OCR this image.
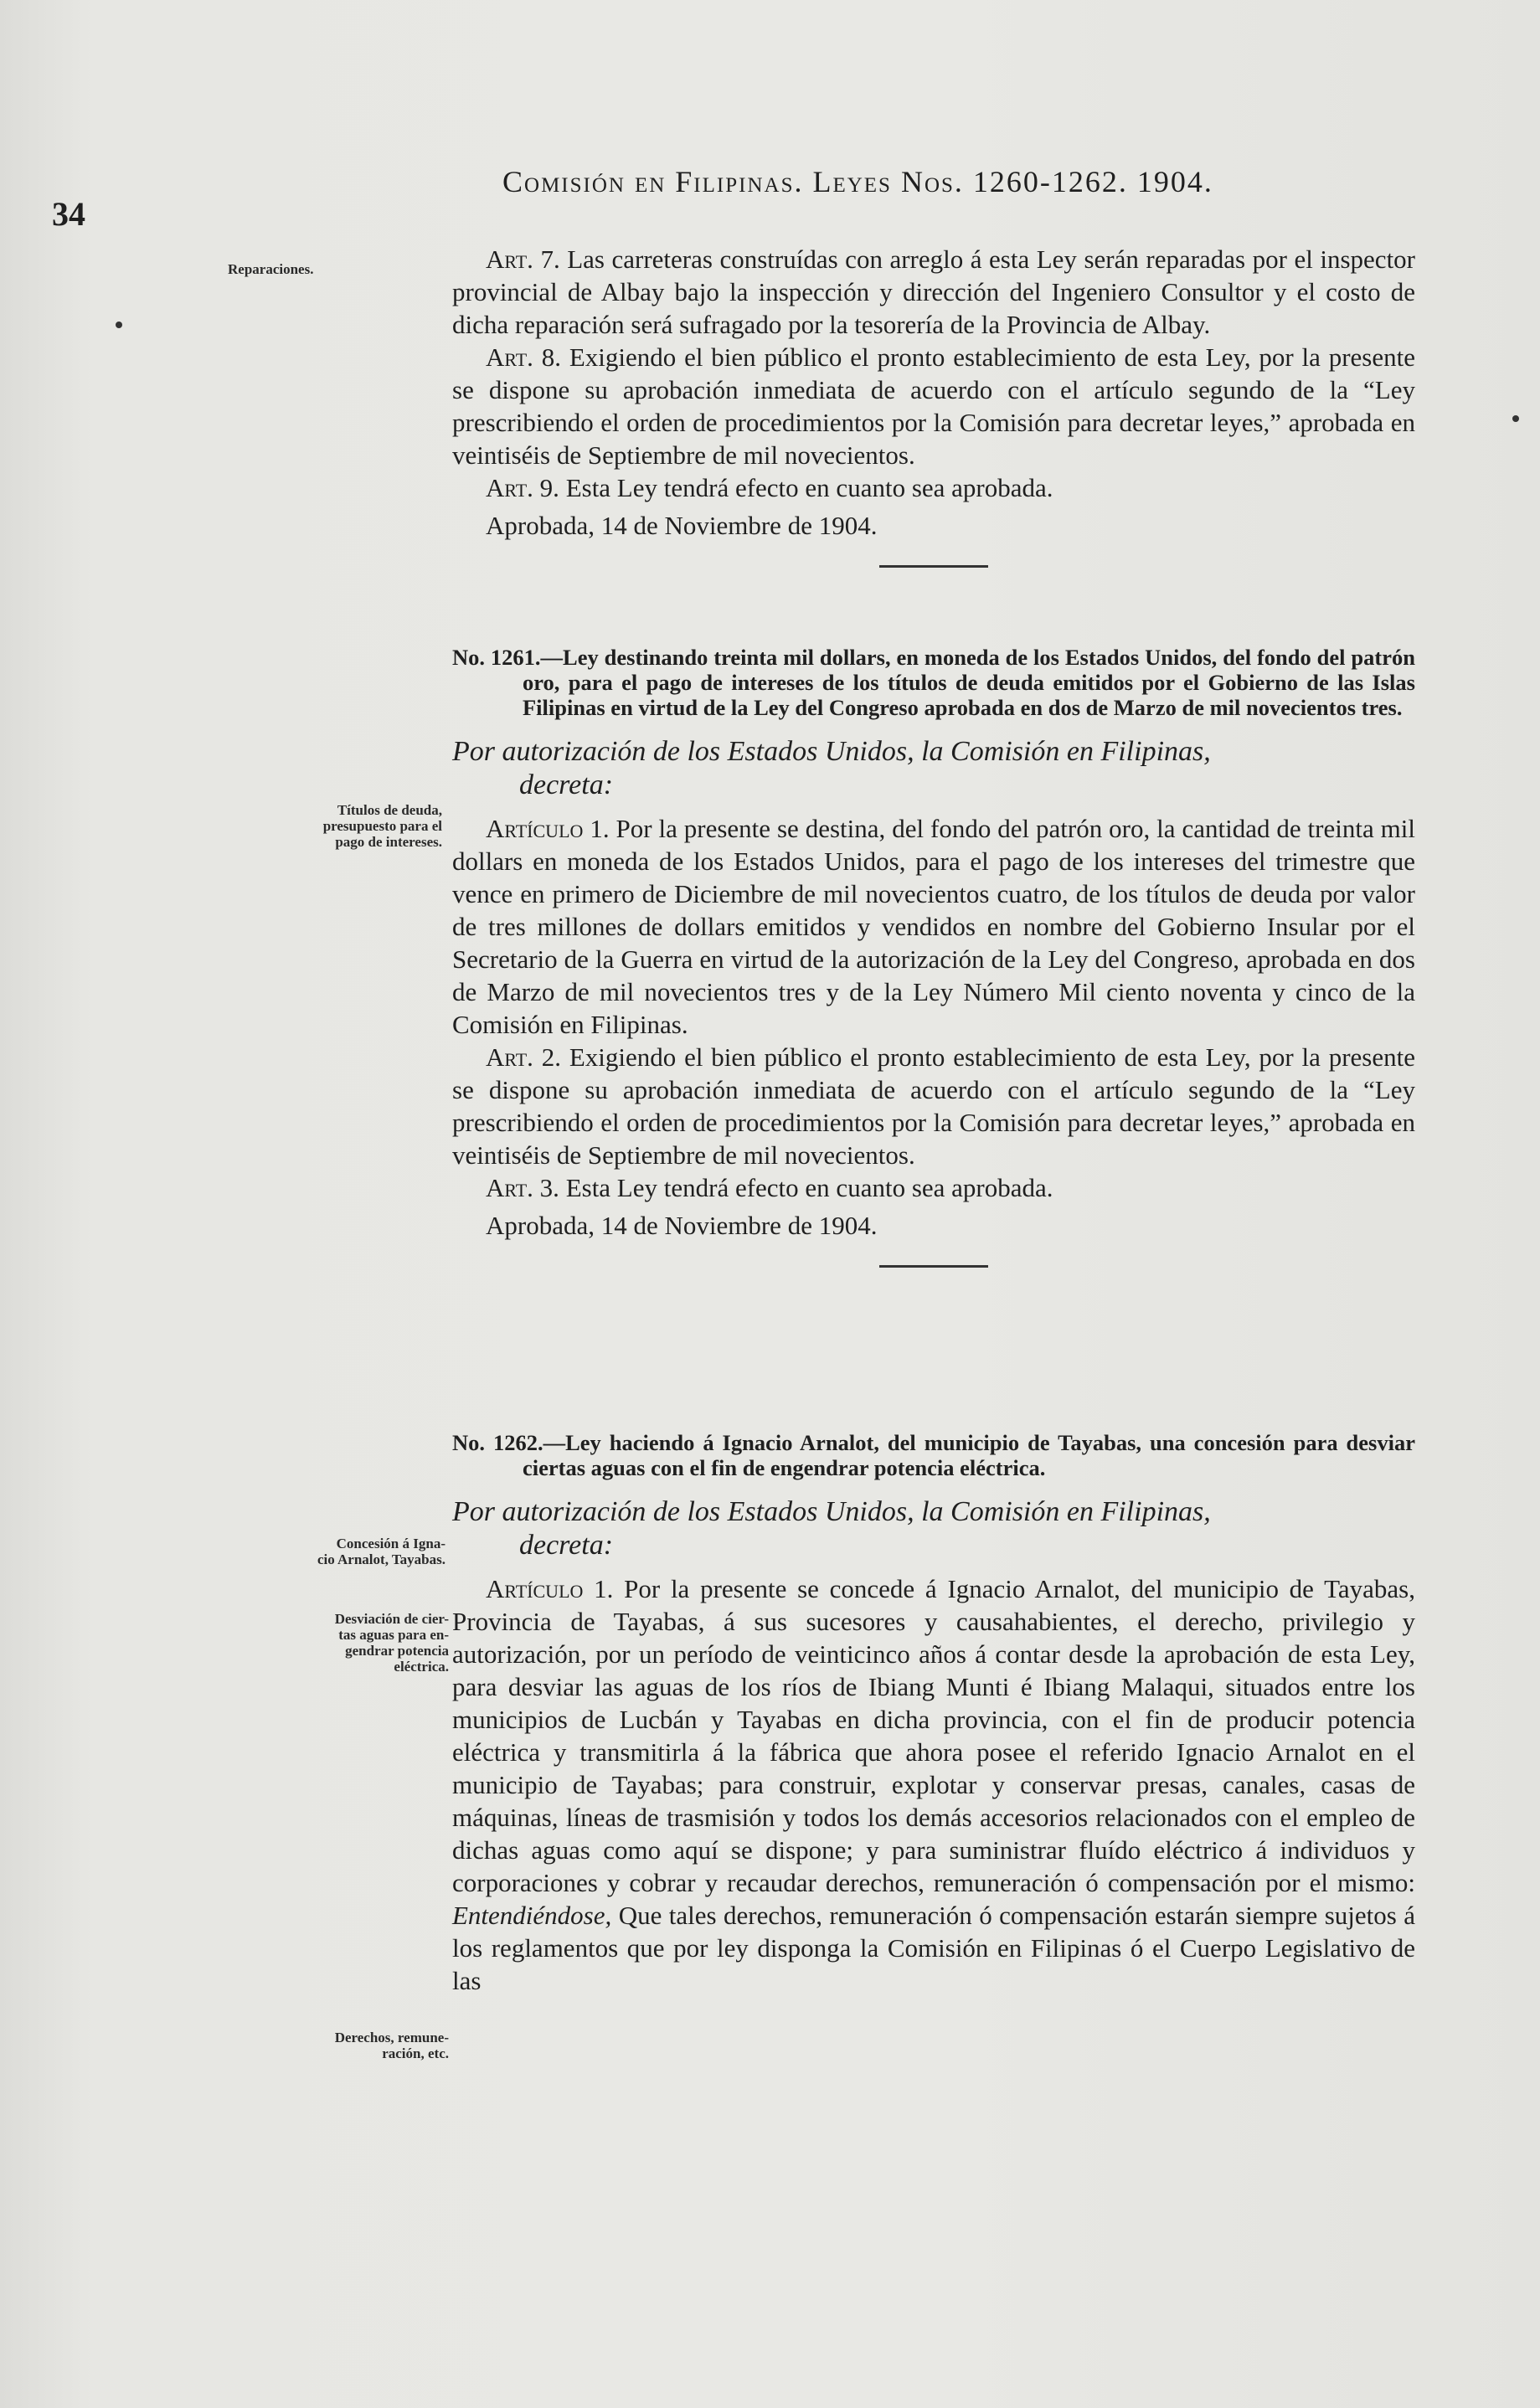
34
Comisión en Filipinas. Leyes Nos. 1260-1262. 1904.
Reparaciones.
Títulos de deuda,
presupuesto para el
pago de intereses.
Concesión á Igna-
cio Arnalot, Tayabas.
Desviación de cier-
tas aguas para en-
gendrar potencia
eléctrica.
Derechos, remune-
ración, etc.

Art. 7. Las carreteras construídas con arreglo á esta Ley serán reparadas por el inspector provincial de Albay bajo la inspección y dirección del Ingeniero Consultor y el costo de dicha reparación será sufragado por la tesorería de la Provincia de Albay.

Art. 8. Exigiendo el bien público el pronto establecimiento de esta Ley, por la presente se dispone su aprobación inmediata de acuerdo con el artículo segundo de la “Ley prescribiendo el orden de procedimientos por la Comisión para decretar leyes,” aprobada en veintiséis de Septiembre de mil novecientos.

Art. 9. Esta Ley tendrá efecto en cuanto sea aprobada.

Aprobada, 14 de Noviembre de 1904.

No. 1261.—Ley destinando treinta mil dollars, en moneda de los Estados Unidos, del fondo del patrón oro, para el pago de intereses de los títulos de deuda emitidos por el Gobierno de las Islas Filipinas en virtud de la Ley del Congreso aprobada en dos de Marzo de mil novecientos tres.

Por autorización de los Estados Unidos, la Comisión en Filipinas,
decreta:

Artículo 1. Por la presente se destina, del fondo del patrón oro, la cantidad de treinta mil dollars en moneda de los Estados Unidos, para el pago de los intereses del trimestre que vence en primero de Diciembre de mil novecientos cuatro, de los títulos de deuda por valor de tres millones de dollars emitidos y vendidos en nombre del Gobierno Insular por el Secretario de la Guerra en virtud de la autorización de la Ley del Congreso, aprobada en dos de Marzo de mil novecientos tres y de la Ley Número Mil ciento noventa y cinco de la Comisión en Filipinas.

Art. 2. Exigiendo el bien público el pronto establecimiento de esta Ley, por la presente se dispone su aprobación inmediata de acuerdo con el artículo segundo de la “Ley prescribiendo el orden de procedimientos por la Comisión para decretar leyes,” aprobada en veintiséis de Septiembre de mil novecientos.

Art. 3. Esta Ley tendrá efecto en cuanto sea aprobada.

Aprobada, 14 de Noviembre de 1904.

No. 1262.—Ley haciendo á Ignacio Arnalot, del municipio de Tayabas, una concesión para desviar ciertas aguas con el fin de engendrar potencia eléctrica.

Por autorización de los Estados Unidos, la Comisión en Filipinas,
decreta:

Artículo 1. Por la presente se concede á Ignacio Arnalot, del municipio de Tayabas, Provincia de Tayabas, á sus sucesores y causahabientes, el derecho, privilegio y autorización, por un período de veinticinco años á contar desde la aprobación de esta Ley, para desviar las aguas de los ríos de Ibiang Munti é Ibiang Malaqui, situados entre los municipios de Lucbán y Tayabas en dicha provincia, con el fin de producir potencia eléctrica y transmitirla á la fábrica que ahora posee el referido Ignacio Arnalot en el municipio de Tayabas; para construir, explotar y conservar presas, canales, casas de máquinas, líneas de trasmisión y todos los demás accesorios relacionados con el empleo de dichas aguas como aquí se dispone; y para suministrar fluído eléctrico á individuos y corporaciones y cobrar y recaudar derechos, remuneración ó compensación por el mismo: Entendiéndose, Que tales derechos, remuneración ó compensación estarán siempre sujetos á los reglamentos que por ley disponga la Comisión en Filipinas ó el Cuerpo Legislativo de las
